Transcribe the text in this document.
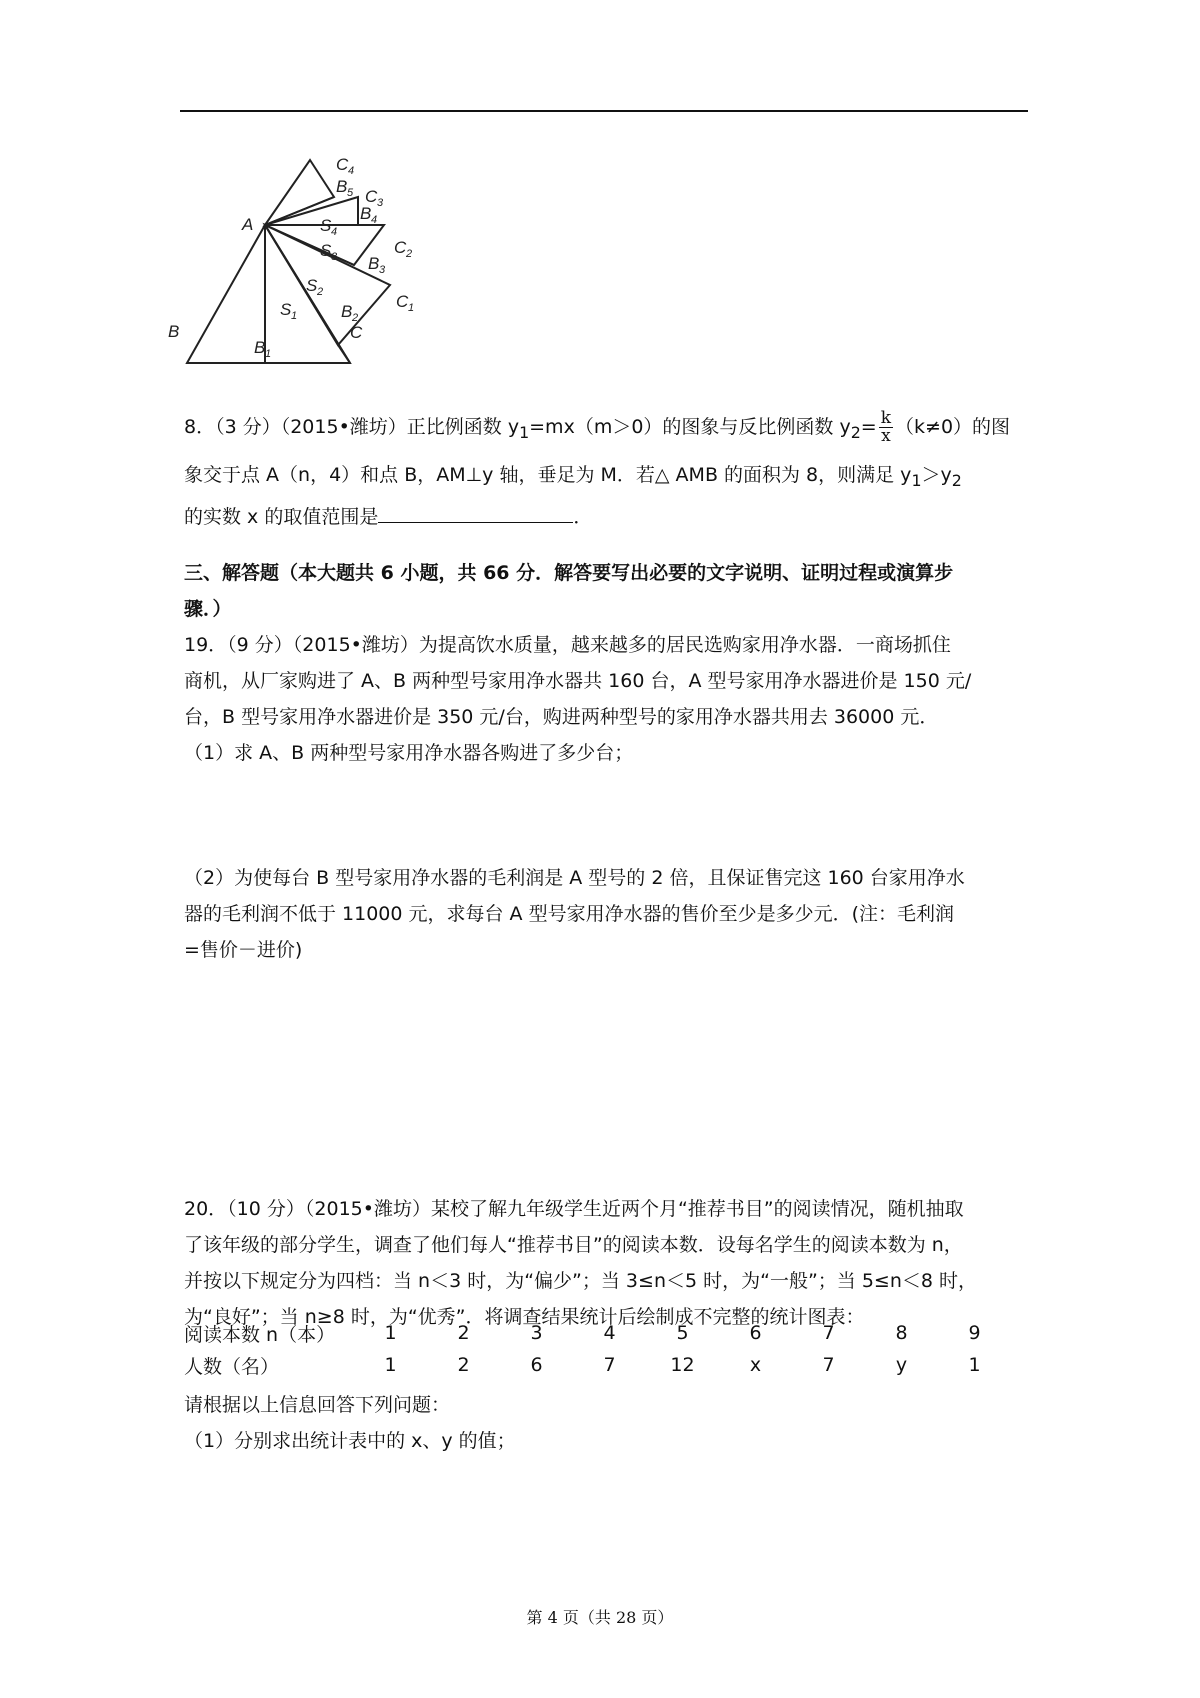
A
B	C
B 1
B 2
B 3
B 4
B 5
C 1
C 2
C 3
C 4
S 1
S 2
S 3
S 4

8．（3 分）（2015•潍坊）正比例函数 $y_1=mx(m>0)$的图象与反比例函数 $y_2= \frac{k}{x} (k\ne 0)$的图

象交于点 A（n，4）和点 B，AM⊥y 轴，垂足为 M．若△ AMB 的面积为 8，则满足 $y_1>y_2$

的实数 x 的取值范围是	．

三、解答题（本大题共 6 小题，共 66 分．解答要写出必要的文字说明、证明过程或演算步

骤．）

19．（9 分）（2015•潍坊）为提高饮水质量，越来越多的居民选购家用净水器．一商场抓住

商机，从厂家购进了 A、B 两种型号家用净水器共 160 台，A 型号家用净水器进价是 150 元/

台，B 型号家用净水器进价是 350 元/台，购进两种型号的家用净水器共用去 36000 元．

（1）求 A、B 两种型号家用净水器各购进了多少台；

（2）为使每台 B 型号家用净水器的毛利润是 A 型号的 2 倍，且保证售完这 160 台家用净水

器的毛利润不低于 11000 元，求每台 A 型号家用净水器的售价至少是多少元．(注：毛利润

=售价－进价)

20．（10 分）（2015•潍坊）某校了解九年级学生近两个月“推荐书目”的阅读情况，随机抽取

了该年级的部分学生，调查了他们每人“推荐书目”的阅读本数．设每名学生的阅读本数为 n，

并按以下规定分为四档：当 n＜3 时，为“偏少”；当 3≤n＜5 时，为“一般”；当 5≤n＜8 时，

为“良好”；当 n≥8 时，为“优秀”．将调查结果统计后绘制成不完整的统计图表：

阅读本数 n（本）	1	2	3	4	5	6	7	8	9
人数（名）	1	2	6	7	12	x	7	y	1

请根据以上信息回答下列问题：

（1）分别求出统计表中的 x、y 的值；

第 4 页（共 28 页）
